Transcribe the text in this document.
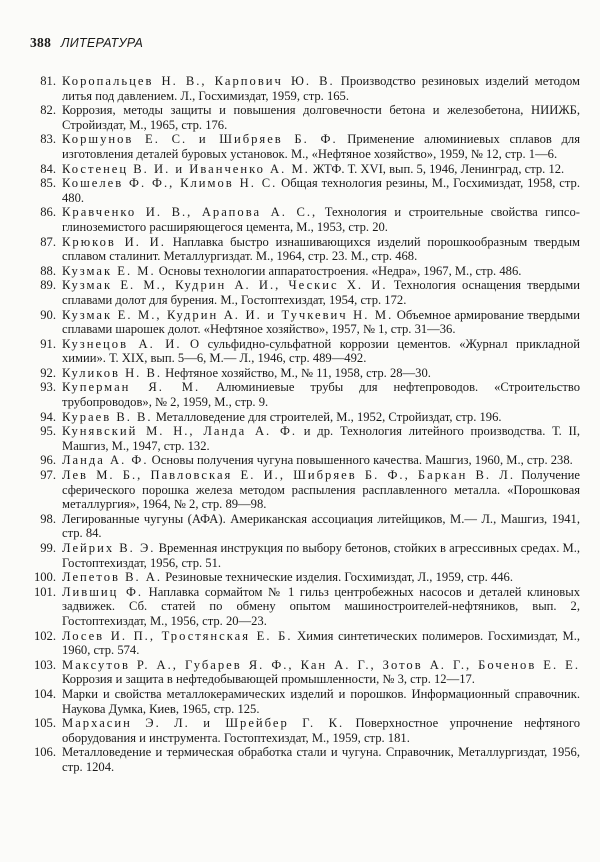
388 ЛИТЕРАТУРА

81. Коропальцев Н. В., Карпович Ю. В. Производство резиновых изделий методом литья под давлением. Л., Госхимиздат, 1959, стр. 165.

82. Коррозия, методы защиты и повышения долговечности бетона и железобетона, НИИЖБ, Стройиздат, М., 1965, стр. 176.

83. Коршунов Е. С. и Шибряев Б. Ф. Применение алюминиевых сплавов для изготовления деталей буровых установок. М., «Нефтяное хозяйство», 1959, № 12, стр. 1—6.

84. Костенец В. И. и Иванченко А. М. ЖТФ. Т. XVI, вып. 5, 1946, Ленинград, стр. 12.

85. Кошелев Ф. Ф., Климов Н. С. Общая технология резины, М., Госхимиздат, 1958, стр. 480.

86. Кравченко И. В., Арапова А. С., Технология и строительные свойства гипсо-глиноземистого расширяющегося цемента, М., 1953, стр. 20.

87. Крюков И. И. Наплавка быстро изнашивающихся изделий порошкообразным твердым сплавом сталинит. Металлургиздат. М., 1964, стр. 23. М., стр. 468.

88. Кузмак Е. М. Основы технологии аппаратостроения. «Недра», 1967, М., стр. 486.

89. Кузмак Е. М., Кудрин А. И., Ческис Х. И. Технология оснащения твердыми сплавами долот для бурения. М., Гостоптехиздат, 1954, стр. 172.

90. Кузмак Е. М., Кудрин А. И. и Тучкевич Н. М. Объемное армирование твердыми сплавами шарошек долот. «Нефтяное хозяйство», 1957, № 1, стр. 31—36.

91. Кузнецов А. И. О сульфидно-сульфатной коррозии цементов. «Журнал прикладной химии». Т. XIX, вып. 5—6, М.— Л., 1946, стр. 489—492.

92. Куликов Н. В. Нефтяное хозяйство, М., № 11, 1958, стр. 28—30.

93. Куперман Я. М. Алюминиевые трубы для нефтепроводов. «Строительство трубопроводов», № 2, 1959, М., стр. 9.

94. Кураев В. В. Металловедение для строителей, М., 1952, Стройиздат, стр. 196.

95. Кунявский М. Н., Ланда А. Ф. и др. Технология литейного производства. Т. II, Машгиз, М., 1947, стр. 132.

96. Ланда А. Ф. Основы получения чугуна повышенного качества. Машгиз, 1960, М., стр. 238.

97. Лев М. Б., Павловская Е. И., Шибряев Б. Ф., Баркан В. Л. Получение сферического порошка железа методом распыления расплавленного металла. «Порошковая металлургия», 1964, № 2, стр. 89—98.

98. Легированные чугуны (АФА). Американская ассоциация литейщиков, М.— Л., Машгиз, 1941, стр. 84.

99. Лейрих В. Э. Временная инструкция по выбору бетонов, стойких в агрессивных средах. М., Гостоптехиздат, 1956, стр. 51.

100. Лепетов В. А. Резиновые технические изделия. Госхимиздат, Л., 1959, стр. 446.

101. Лившиц Ф. Наплавка сормайтом № 1 гильз центробежных насосов и деталей клиновых задвижек. Сб. статей по обмену опытом машиностроителей-нефтяников, вып. 2, Гостоптехиздат, М., 1956, стр. 20—23.

102. Лосев И. П., Тростянская Е. Б. Химия синтетических полимеров. Госхимиздат, М., 1960, стр. 574.

103. Максутов Р. А., Губарев Я. Ф., Кан А. Г., Зотов А. Г., Боченов Е. Е. Коррозия и защита в нефтедобывающей промышленности, № 3, стр. 12—17.

104. Марки и свойства металлокерамических изделий и порошков. Информационный справочник. Наукова Думка, Киев, 1965, стр. 125.

105. Мархасин Э. Л. и Шрейбер Г. К. Поверхностное упрочнение нефтяного оборудования и инструмента. Гостоптехиздат, М., 1959, стр. 181.

106. Металловедение и термическая обработка стали и чугуна. Справочник, Металлургиздат, 1956, стр. 1204.
